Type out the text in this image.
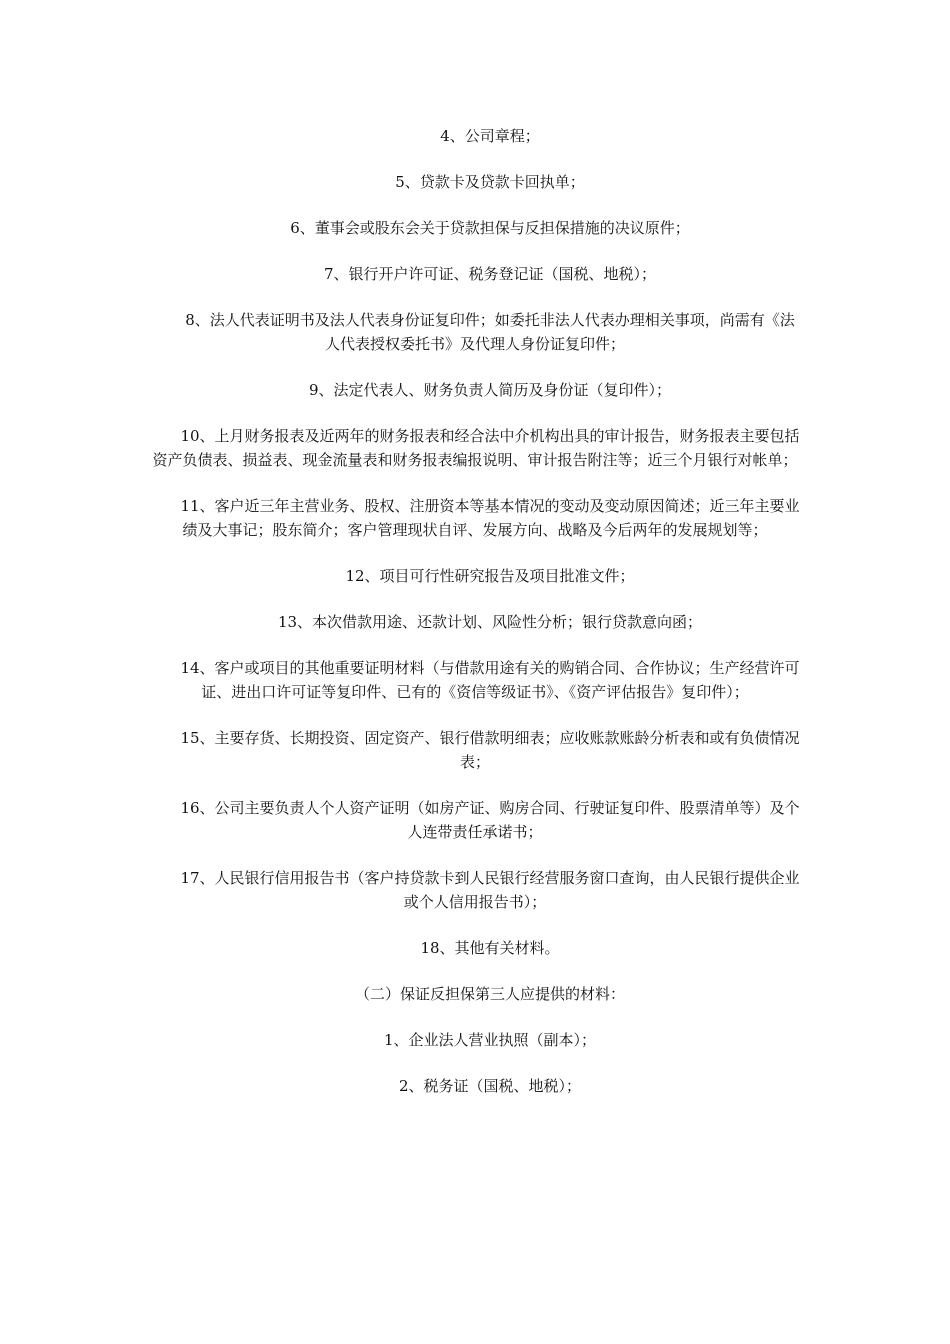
4、公司章程；

5、贷款卡及贷款卡回执单；

6、董事会或股东会关于贷款担保与反担保措施的决议原件；

7、银行开户许可证、税务登记证（国税、地税）；

8、法人代表证明书及法人代表身份证复印件；如委托非法人代表办理相关事项，尚需有《法人代表授权委托书》及代理人身份证复印件；

9、法定代表人、财务负责人简历及身份证（复印件）；

10、上月财务报表及近两年的财务报表和经合法中介机构出具的审计报告，财务报表主要包括资产负债表、损益表、现金流量表和财务报表编报说明、审计报告附注等；近三个月银行对帐单；

11、客户近三年主营业务、股权、注册资本等基本情况的变动及变动原因简述；近三年主要业绩及大事记；股东简介；客户管理现状自评、发展方向、战略及今后两年的发展规划等；

12、项目可行性研究报告及项目批准文件；

13、本次借款用途、还款计划、风险性分析；银行贷款意向函；

14、客户或项目的其他重要证明材料（与借款用途有关的购销合同、合作协议；生产经营许可证、进出口许可证等复印件、已有的《资信等级证书》、《资产评估报告》复印件）；

15、主要存货、长期投资、固定资产、银行借款明细表；应收账款账龄分析表和或有负债情况表；

16、公司主要负责人个人资产证明（如房产证、购房合同、行驶证复印件、股票清单等）及个人连带责任承诺书；

17、人民银行信用报告书（客户持贷款卡到人民银行经营服务窗口查询，由人民银行提供企业或个人信用报告书）；

18、其他有关材料。

（二）保证反担保第三人应提供的材料：

1、企业法人营业执照（副本）；

2、税务证（国税、地税）；
